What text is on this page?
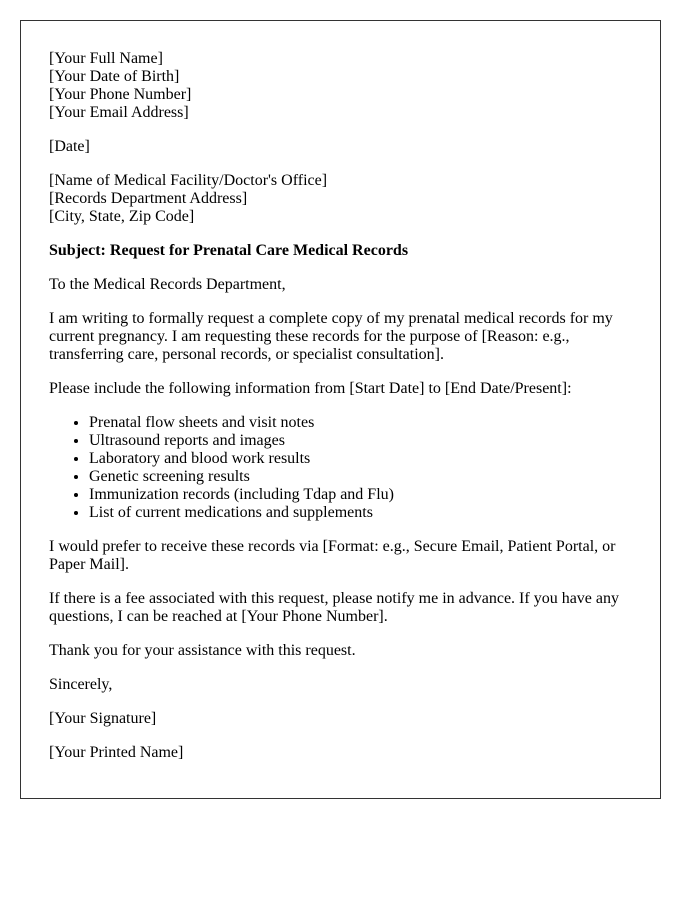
[Your Full Name]
[Your Date of Birth]
[Your Phone Number]
[Your Email Address]

[Date]

[Name of Medical Facility/Doctor's Office]
[Records Department Address]
[City, State, Zip Code]

Subject: Request for Prenatal Care Medical Records

To the Medical Records Department,

I am writing to formally request a complete copy of my prenatal medical records for my current pregnancy. I am requesting these records for the purpose of [Reason: e.g., transferring care, personal records, or specialist consultation].

Please include the following information from [Start Date] to [End Date/Present]:

• Prenatal flow sheets and visit notes
• Ultrasound reports and images
• Laboratory and blood work results
• Genetic screening results
• Immunization records (including Tdap and Flu)
• List of current medications and supplements

I would prefer to receive these records via [Format: e.g., Secure Email, Patient Portal, or Paper Mail].

If there is a fee associated with this request, please notify me in advance. If you have any questions, I can be reached at [Your Phone Number].

Thank you for your assistance with this request.

Sincerely,

[Your Signature]

[Your Printed Name]
